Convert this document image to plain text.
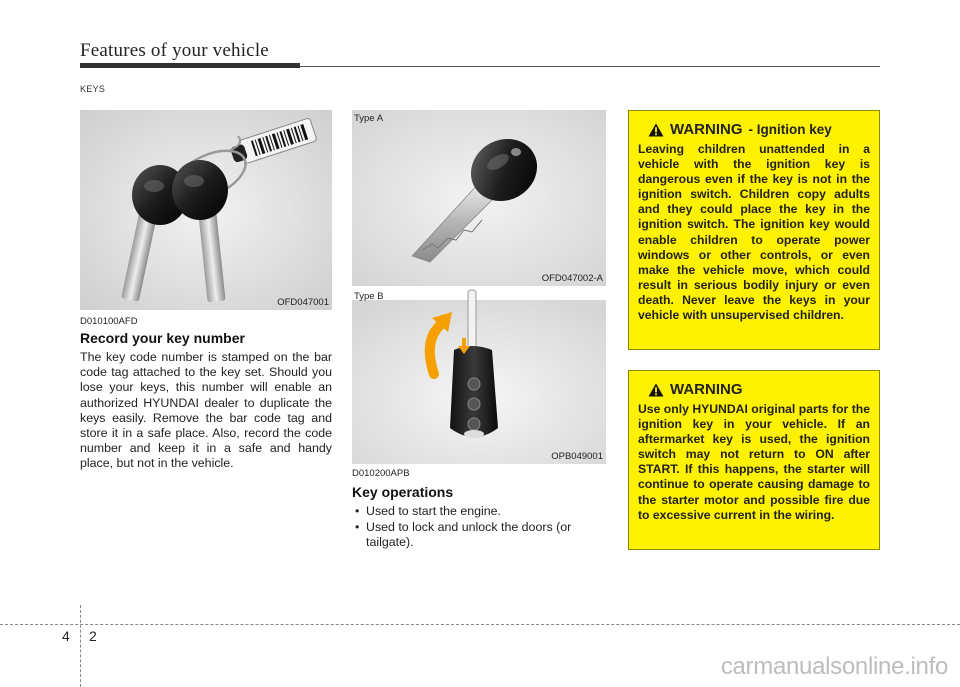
Features of your vehicle
KEYS
OFD047001
Type A
OFD047002-A
Type B
OPB049001
D010100AFD
Record your key number
The key code number is stamped on the bar code tag attached to the key set. Should you lose your keys, this number will enable an authorized HYUNDAI dealer to duplicate the keys easily. Remove the bar code tag and store it in a safe place. Also, record the code number and keep it in a safe and handy place, but not in the vehicle.
D010200APB
Key operations
• Used to start the engine.
• Used to lock and unlock the doors (or tailgate).
WARNING - Ignition key
Leaving children unattended in a vehicle with the ignition key is dangerous even if the key is not in the ignition switch. Children copy adults and they could place the key in the ignition switch. The ignition key would enable children to operate power windows or other controls, or even make the vehicle move, which could result in serious bodily injury or even death. Never leave the keys in your vehicle with unsupervised children.
WARNING
Use only HYUNDAI original parts for the ignition key in your vehicle. If an aftermarket key is used, the ignition switch may not return to ON after START. If this happens, the starter will continue to operate causing damage to the starter motor and possible fire due to excessive current in the wiring.
4 2
carmanualsonline.info
